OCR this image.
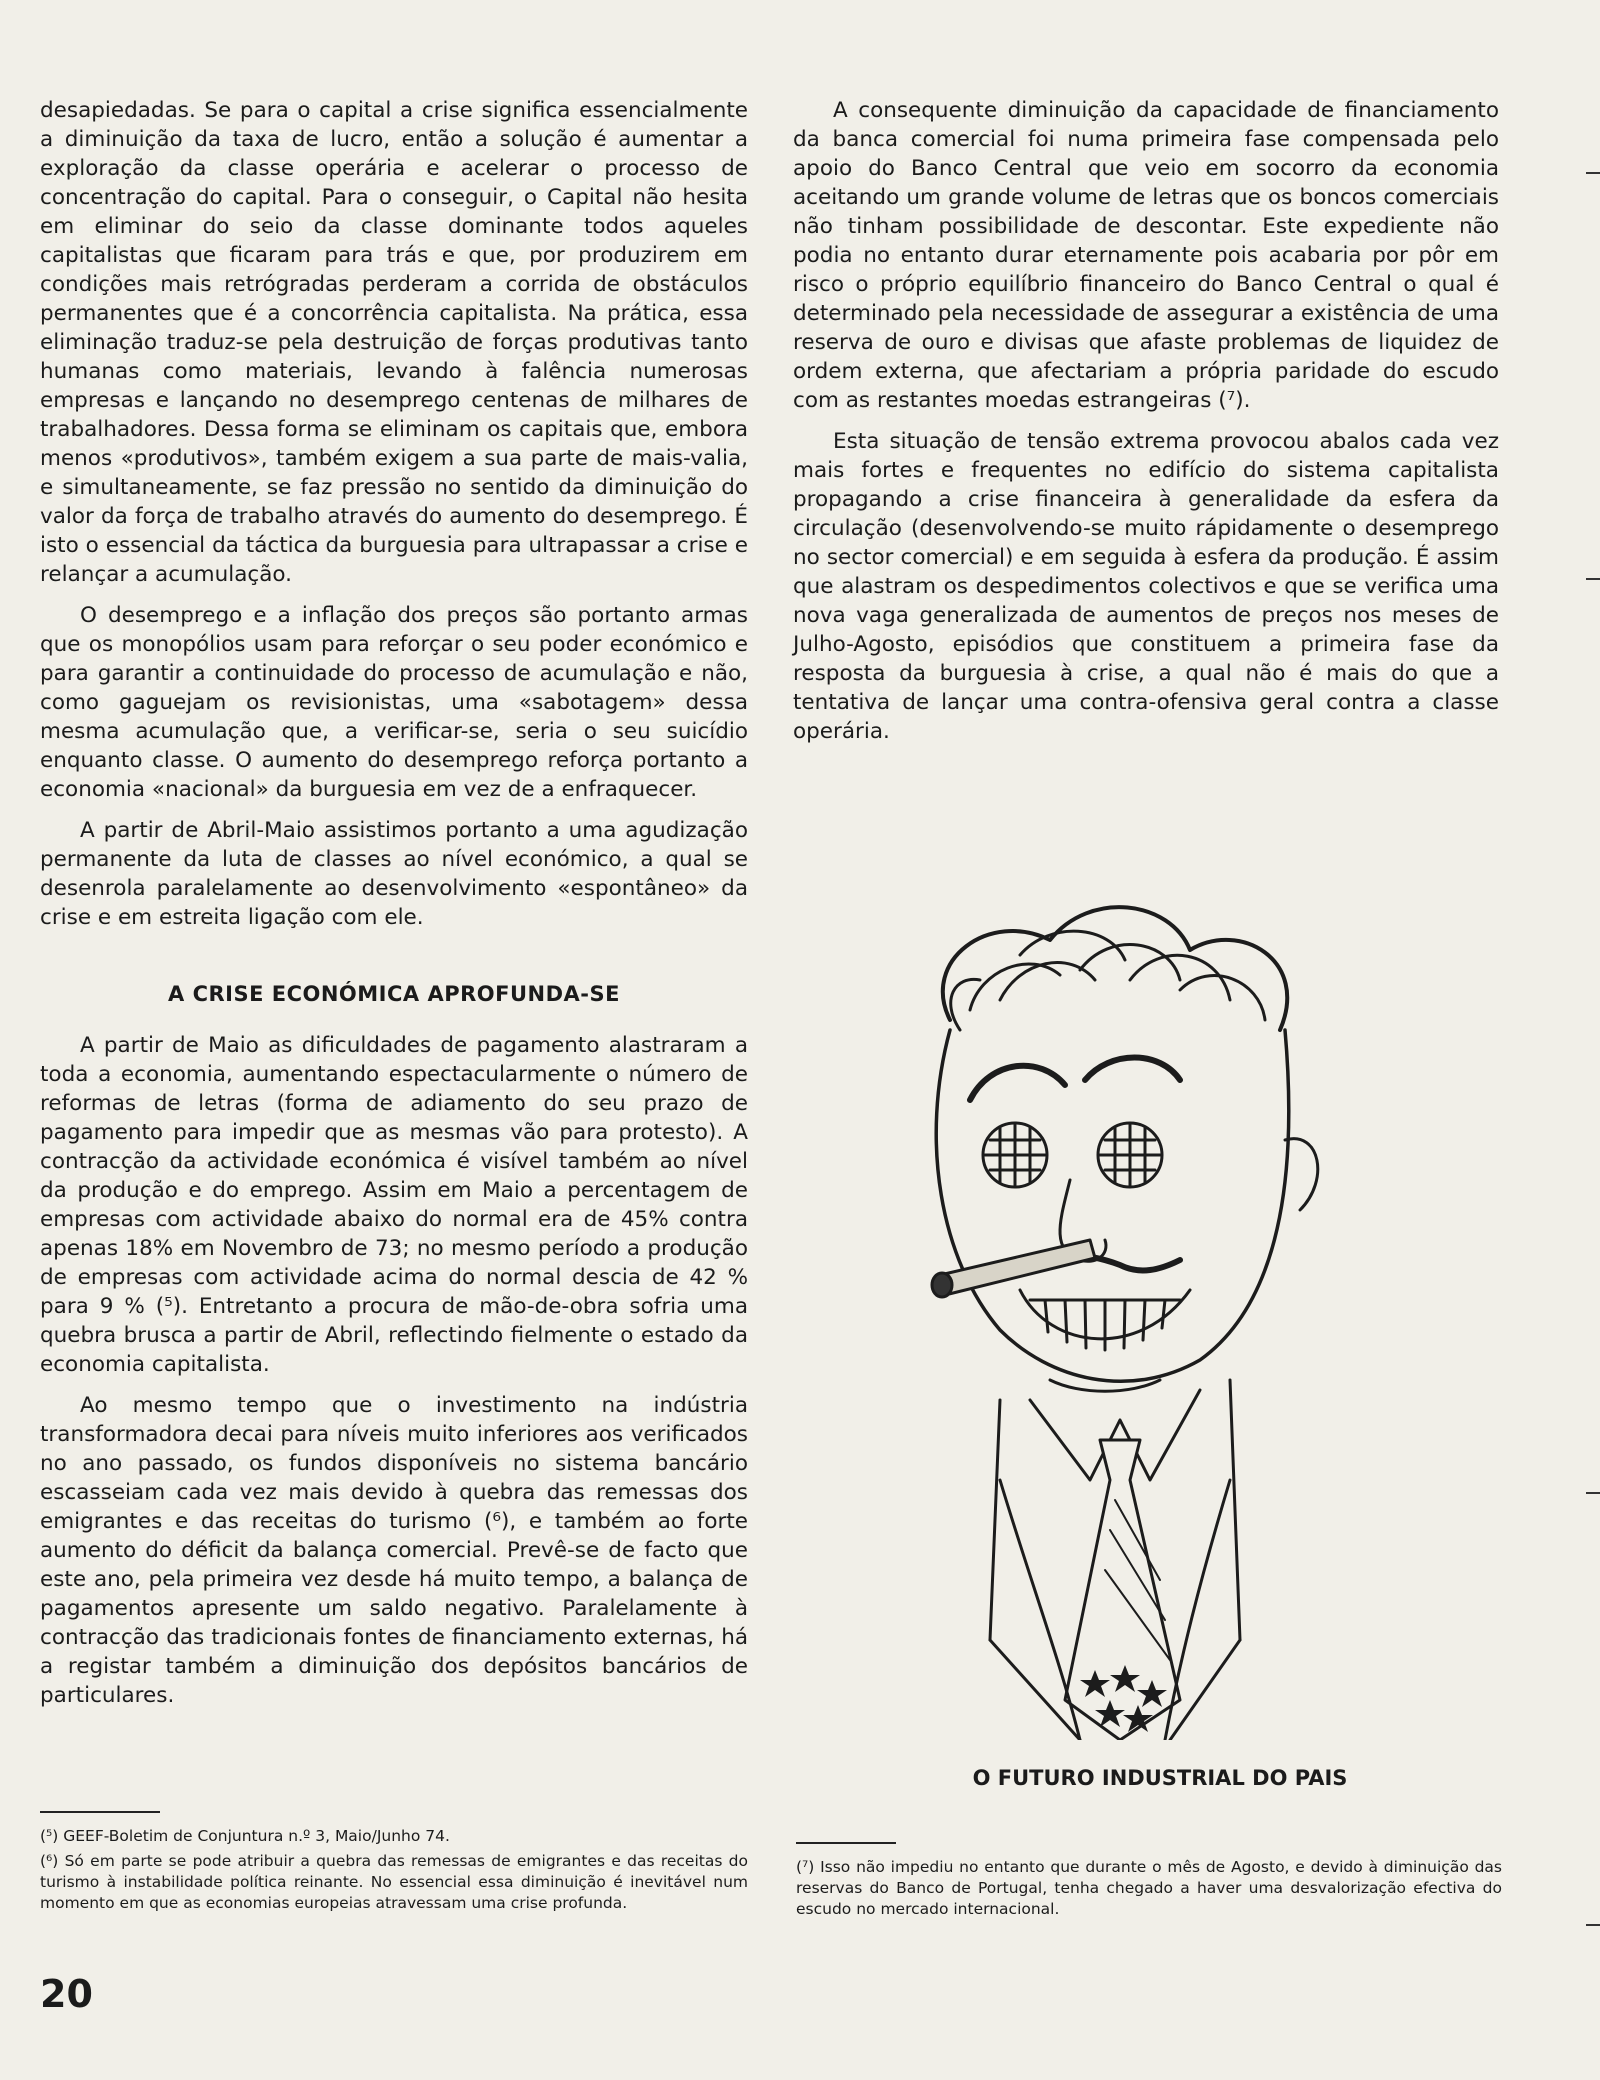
desapiedadas. Se para o capital a crise significa essencialmente a diminuição da taxa de lucro, então a solução é aumentar a exploração da classe operária e acelerar o processo de concentração do capital. Para o conseguir, o Capital não hesita em eliminar do seio da classe dominante todos aqueles capitalistas que ficaram para trás e que, por produzirem em condições mais retrógradas perderam a corrida de obstáculos permanentes que é a concorrência capitalista. Na prática, essa eliminação traduz-se pela destruição de forças produtivas tanto humanas como materiais, levando à falência numerosas empresas e lançando no desemprego centenas de milhares de trabalhadores. Dessa forma se eliminam os capitais que, embora menos «produtivos», também exigem a sua parte de mais-valia, e simultaneamente, se faz pressão no sentido da diminuição do valor da força de trabalho através do aumento do desemprego. É isto o essencial da táctica da burguesia para ultrapassar a crise e relançar a acumulação.

O desemprego e a inflação dos preços são portanto armas que os monopólios usam para reforçar o seu poder económico e para garantir a continuidade do processo de acumulação e não, como gaguejam os revisionistas, uma «sabotagem» dessa mesma acumulação que, a verificar-se, seria o seu suicídio enquanto classe. O aumento do desemprego reforça portanto a economia «nacional» da burguesia em vez de a enfraquecer.

A partir de Abril-Maio assistimos portanto a uma agudização permanente da luta de classes ao nível económico, a qual se desenrola paralelamente ao desenvolvimento «espontâneo» da crise e em estreita ligação com ele.

A CRISE ECONÓMICA APROFUNDA-SE

A partir de Maio as dificuldades de pagamento alastraram a toda a economia, aumentando espectacularmente o número de reformas de letras (forma de adiamento do seu prazo de pagamento para impedir que as mesmas vão para protesto). A contracção da actividade económica é visível também ao nível da produção e do emprego. Assim em Maio a percentagem de empresas com actividade abaixo do normal era de 45% contra apenas 18% em Novembro de 73; no mesmo período a produção de empresas com actividade acima do normal descia de 42 % para 9 % (⁵). Entretanto a procura de mão-de-obra sofria uma quebra brusca a partir de Abril, reflectindo fielmente o estado da economia capitalista.

Ao mesmo tempo que o investimento na indústria transformadora decai para níveis muito inferiores aos verificados no ano passado, os fundos disponíveis no sistema bancário escasseiam cada vez mais devido à quebra das remessas dos emigrantes e das receitas do turismo (⁶), e também ao forte aumento do déficit da balança comercial. Prevê-se de facto que este ano, pela primeira vez desde há muito tempo, a balança de pagamentos apresente um saldo negativo. Paralelamente à contracção das tradicionais fontes de financiamento externas, há a registar também a diminuição dos depósitos bancários de particulares.

(⁵) GEEF-Boletim de Conjuntura n.º 3, Maio/Junho 74.

(⁶) Só em parte se pode atribuir a quebra das remessas de emigrantes e das receitas do turismo à instabilidade política reinante. No essencial essa diminuição é inevitável num momento em que as economias europeias atravessam uma crise profunda.

20

A consequente diminuição da capacidade de financiamento da banca comercial foi numa primeira fase compensada pelo apoio do Banco Central que veio em socorro da economia aceitando um grande volume de letras que os boncos comerciais não tinham possibilidade de descontar. Este expediente não podia no entanto durar eternamente pois acabaria por pôr em risco o próprio equilíbrio financeiro do Banco Central o qual é determinado pela necessidade de assegurar a existência de uma reserva de ouro e divisas que afaste problemas de liquidez de ordem externa, que afectariam a própria paridade do escudo com as restantes moedas estrangeiras (⁷).

Esta situação de tensão extrema provocou abalos cada vez mais fortes e frequentes no edifício do sistema capitalista propagando a crise financeira à generalidade da esfera da circulação (desenvolvendo-se muito rápidamente o desemprego no sector comercial) e em seguida à esfera da produção. É assim que alastram os despedimentos colectivos e que se verifica uma nova vaga generalizada de aumentos de preços nos meses de Julho-Agosto, episódios que constituem a primeira fase da resposta da burguesia à crise, a qual não é mais do que a tentativa de lançar uma contra-ofensiva geral contra a classe operária.

O FUTURO INDUSTRIAL DO PAIS

(⁷) Isso não impediu no entanto que durante o mês de Agosto, e devido à diminuição das reservas do Banco de Portugal, tenha chegado a haver uma desvalorização efectiva do escudo no mercado internacional.
